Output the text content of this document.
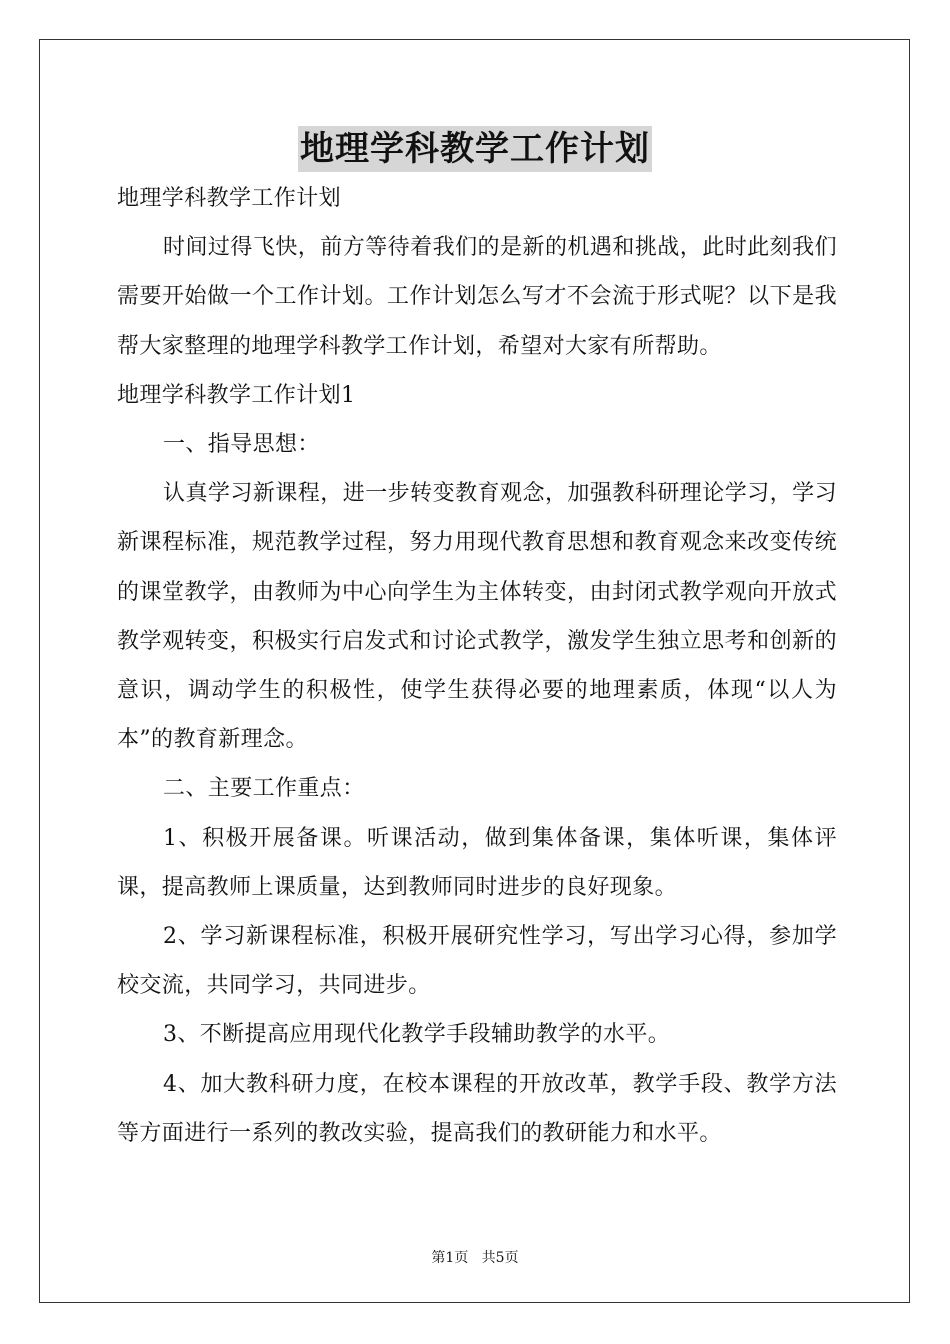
地理学科教学工作计划

地理学科教学工作计划

时间过得飞快，前方等待着我们的是新的机遇和挑战，此时此刻我们需要开始做一个工作计划。工作计划怎么写才不会流于形式呢？以下是我帮大家整理的地理学科教学工作计划，希望对大家有所帮助。

地理学科教学工作计划1

一、指导思想：

认真学习新课程，进一步转变教育观念，加强教科研理论学习，学习新课程标准，规范教学过程，努力用现代教育思想和教育观念来改变传统的课堂教学，由教师为中心向学生为主体转变，由封闭式教学观向开放式教学观转变，积极实行启发式和讨论式教学，激发学生独立思考和创新的意识，调动学生的积极性，使学生获得必要的地理素质，体现“以人为本”的教育新理念。

二、主要工作重点：

1、积极开展备课。听课活动，做到集体备课，集体听课，集体评课，提高教师上课质量，达到教师同时进步的良好现象。

2、学习新课程标准，积极开展研究性学习，写出学习心得，参加学校交流，共同学习，共同进步。

3、不断提高应用现代化教学手段辅助教学的水平。

4、加大教科研力度，在校本课程的开放改革，教学手段、教学方法等方面进行一系列的教改实验，提高我们的教研能力和水平。

第1页   共5页
